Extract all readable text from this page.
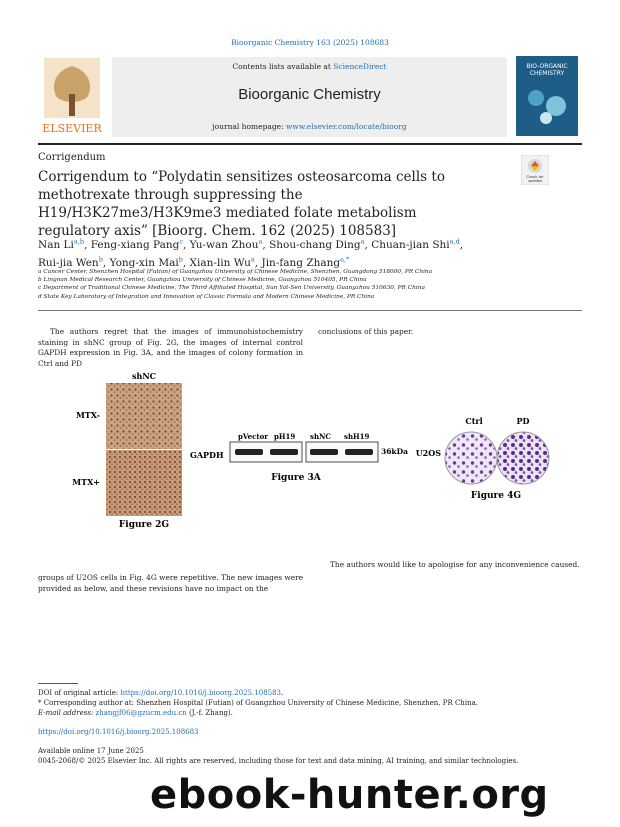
Bioorganic Chemistry 163 (2025) 108683
ELSEVIER
Contents lists available at ScienceDirect
Bioorganic Chemistry
journal homepage: www.elsevier.com/locate/bioorg
BIO-ORGANIC
CHEMISTRY
Corrigendum
Corrigendum to “Polydatin sensitizes osteosarcoma cells to methotrexate through suppressing the H19/H3K27me3/H3K9me3 mediated folate metabolism regulatory axis” [Bioorg. Chem. 162 (2025) 108583]
Check for
updates
Nan Li$^{a,b}$, Feng-xiang Pang$^c$, Yu-wan Zhou$^a$, Shou-chang Ding$^a$, Chuan-jian Shi$^{a,d}$,
Rui-jia Wen$^b$, Yong-xin Mai$^b$, Xian-lin Wu$^a$, Jin-fang Zhang$^{a,*}$
a Cancer Center, Shenzhen Hospital (Futian) of Guangzhou University of Chinese Medicine, Shenzhen, Guangdong 518000, PR China
b Lingnan Medical Research Center, Guangzhou University of Chinese Medicine, Guangzhou 510405, PR China
c Department of Traditional Chinese Medicine, The Third Affiliated Hospital, Sun Yat-Sen University, Guangzhou 510630, PR China
d State Key Laboratory of Integration and Innovation of Classic Formula and Modern Chinese Medicine, PR China
The authors regret that the images of immunohistochemistry staining in shNC group of Fig. 2G, the images of internal control GAPDH expression in Fig. 3A, and the images of colony formation in Ctrl and PD
conclusions of this paper.
shNC
MTX-
MTX+
Figure 2G
GAPDH
pVector pH19 shNC shH19
36kDa
Figure 3A
Ctrl	PD
U2OS
Figure 4G
The authors would like to apologise for any inconvenience caused.
groups of U2OS cells in Fig. 4G were repetitive. The new images were provided as below, and these revisions have no impact on the
DOI of original article: https://doi.org/10.1016/j.bioorg.2025.108583.
* Corresponding author at: Shenzhen Hospital (Futian) of Guangzhou University of Chinese Medicine, Shenzhen, PR China.
E-mail address: zhangjf06@gzucm.edu.cn (J.-f. Zhang).
https://doi.org/10.1016/j.bioorg.2025.108683
Available online 17 June 2025
0045-2068/© 2025 Elsevier Inc. All rights are reserved, including those for text and data mining, AI training, and similar technologies.
ebook-hunter.org
